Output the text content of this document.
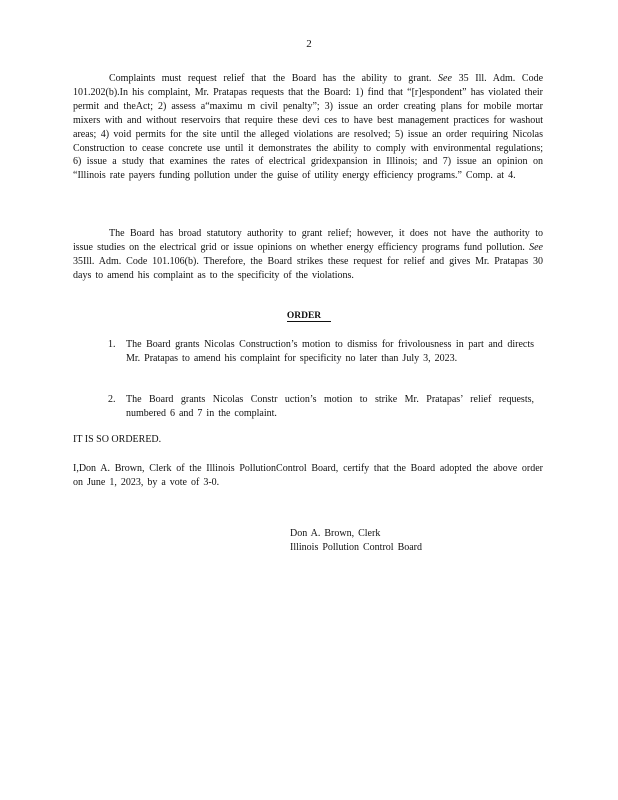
2
Complaints must request relief that the Board has the ability to grant. See 35 Ill. Adm. Code 101.202(b).In his complaint, Mr. Pratapas requests that the Board: 1) find that “[r]espondent” has violated their permit and theAct; 2) assess a“maximu m civil penalty”; 3) issue an order creating plans for mobile mortar mixers with and without reservoirs that require these devi ces to have best management practices for washout areas; 4) void permits for the site until the alleged violations are resolved; 5) issue an order requiring Nicolas Construction to cease concrete use until it demonstrates the ability to comply with environmental regulations; 6) issue a study that examines the rates of electrical gridexpansion in Illinois; and 7) issue an opinion on “Illinois rate payers funding pollution under the guise of utility energy efficiency programs.” Comp. at 4.
The Board has broad statutory authority to grant relief; however, it does not have the authority to issue studies on the electrical grid or issue opinions on whether energy efficiency programs fund pollution. See 35Ill. Adm. Code 101.106(b). Therefore, the Board strikes these request for relief and gives Mr. Pratapas 30 days to amend his complaint as to the specificity of the violations.
ORDER
1. The Board grants Nicolas Construction’s motion to dismiss for frivolousness in part and directs Mr. Pratapas to amend his complaint for specificity no later than July 3, 2023.
2. The Board grants Nicolas Constr uction’s motion to strike Mr. Pratapas’ relief requests, numbered 6 and 7 in the complaint.
IT IS SO ORDERED.
I,Don A. Brown, Clerk of the Illinois PollutionControl Board, certify that the Board adopted the above order on June 1, 2023, by a vote of 3-0.
Don A. Brown, Clerk
Illinois Pollution Control Board
